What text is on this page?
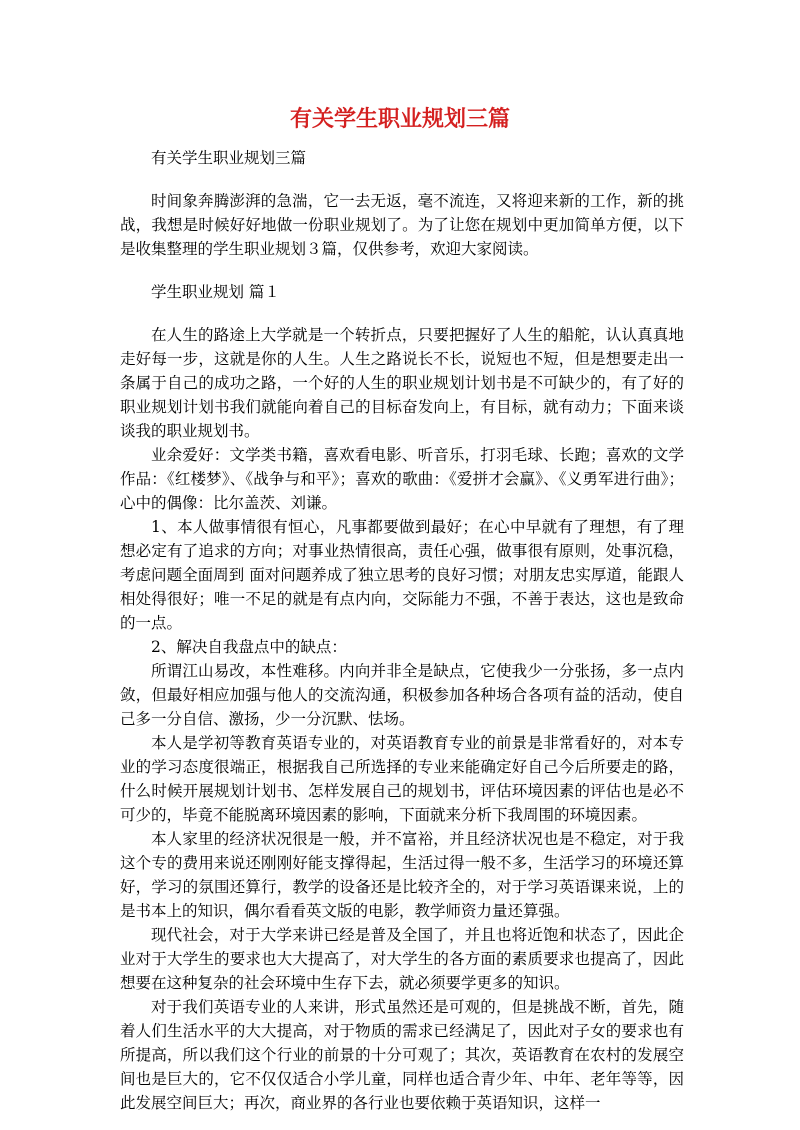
有关学生职业规划三篇

有关学生职业规划三篇

时间象奔腾澎湃的急湍，它一去无返，毫不流连，又将迎来新的工作，新的挑战，我想是时候好好地做一份职业规划了。为了让您在规划中更加简单方便，以下是收集整理的学生职业规划３篇，仅供参考，欢迎大家阅读。

学生职业规划 篇１

在人生的路途上大学就是一个转折点，只要把握好了人生的船舵，认认真真地走好每一步，这就是你的人生。人生之路说长不长，说短也不短，但是想要走出一条属于自己的成功之路，一个好的人生的职业规划计划书是不可缺少的，有了好的职业规划计划书我们就能向着自己的目标奋发向上，有目标，就有动力；下面来谈谈我的职业规划书。

业余爱好：文学类书籍，喜欢看电影、听音乐，打羽毛球、长跑；喜欢的文学作品：《红楼梦》、《战争与和平》；喜欢的歌曲：《爱拼才会赢》、《义勇军进行曲》；心中的偶像：比尔盖茨、刘谦。

1、本人做事情很有恒心，凡事都要做到最好；在心中早就有了理想，有了理想必定有了追求的方向；对事业热情很高，责任心强，做事很有原则，处事沉稳，考虑问题全面周到 面对问题养成了独立思考的良好习惯；对朋友忠实厚道，能跟人相处得很好；唯一不足的就是有点内向，交际能力不强，不善于表达，这也是致命的一点。

2、解决自我盘点中的缺点：

所谓江山易改，本性难移。内向并非全是缺点，它使我少一分张扬，多一点内敛，但最好相应加强与他人的交流沟通，积极参加各种场合各项有益的活动，使自己多一分自信、激扬，少一分沉默、怯场。

本人是学初等教育英语专业的，对英语教育专业的前景是非常看好的，对本专业的学习态度很端正，根据我自己所选择的专业来能确定好自己今后所要走的路，什么时候开展规划计划书、怎样发展自己的规划书，评估环境因素的评估也是必不可少的，毕竟不能脱离环境因素的影响，下面就来分析下我周围的环境因素。

本人家里的经济状况很是一般，并不富裕，并且经济状况也是不稳定，对于我这个专的费用来说还刚刚好能支撑得起，生活过得一般不多，生活学习的环境还算好，学习的氛围还算行，教学的设备还是比较齐全的，对于学习英语课来说，上的是书本上的知识，偶尔看看英文版的电影，教学师资力量还算强。

现代社会，对于大学来讲已经是普及全国了，并且也将近饱和状态了，因此企业对于大学生的要求也大大提高了，对大学生的各方面的素质要求也提高了，因此想要在这种复杂的社会环境中生存下去，就必须要学更多的知识。

对于我们英语专业的人来讲，形式虽然还是可观的，但是挑战不断，首先，随着人们生活水平的大大提高，对于物质的需求已经满足了，因此对子女的要求也有所提高，所以我们这个行业的前景的十分可观了；其次，英语教育在农村的发展空间也是巨大的，它不仅仅适合小学儿童，同样也适合青少年、中年、老年等等，因此发展空间巨大；再次，商业界的各行业也要依赖于英语知识，这样一
